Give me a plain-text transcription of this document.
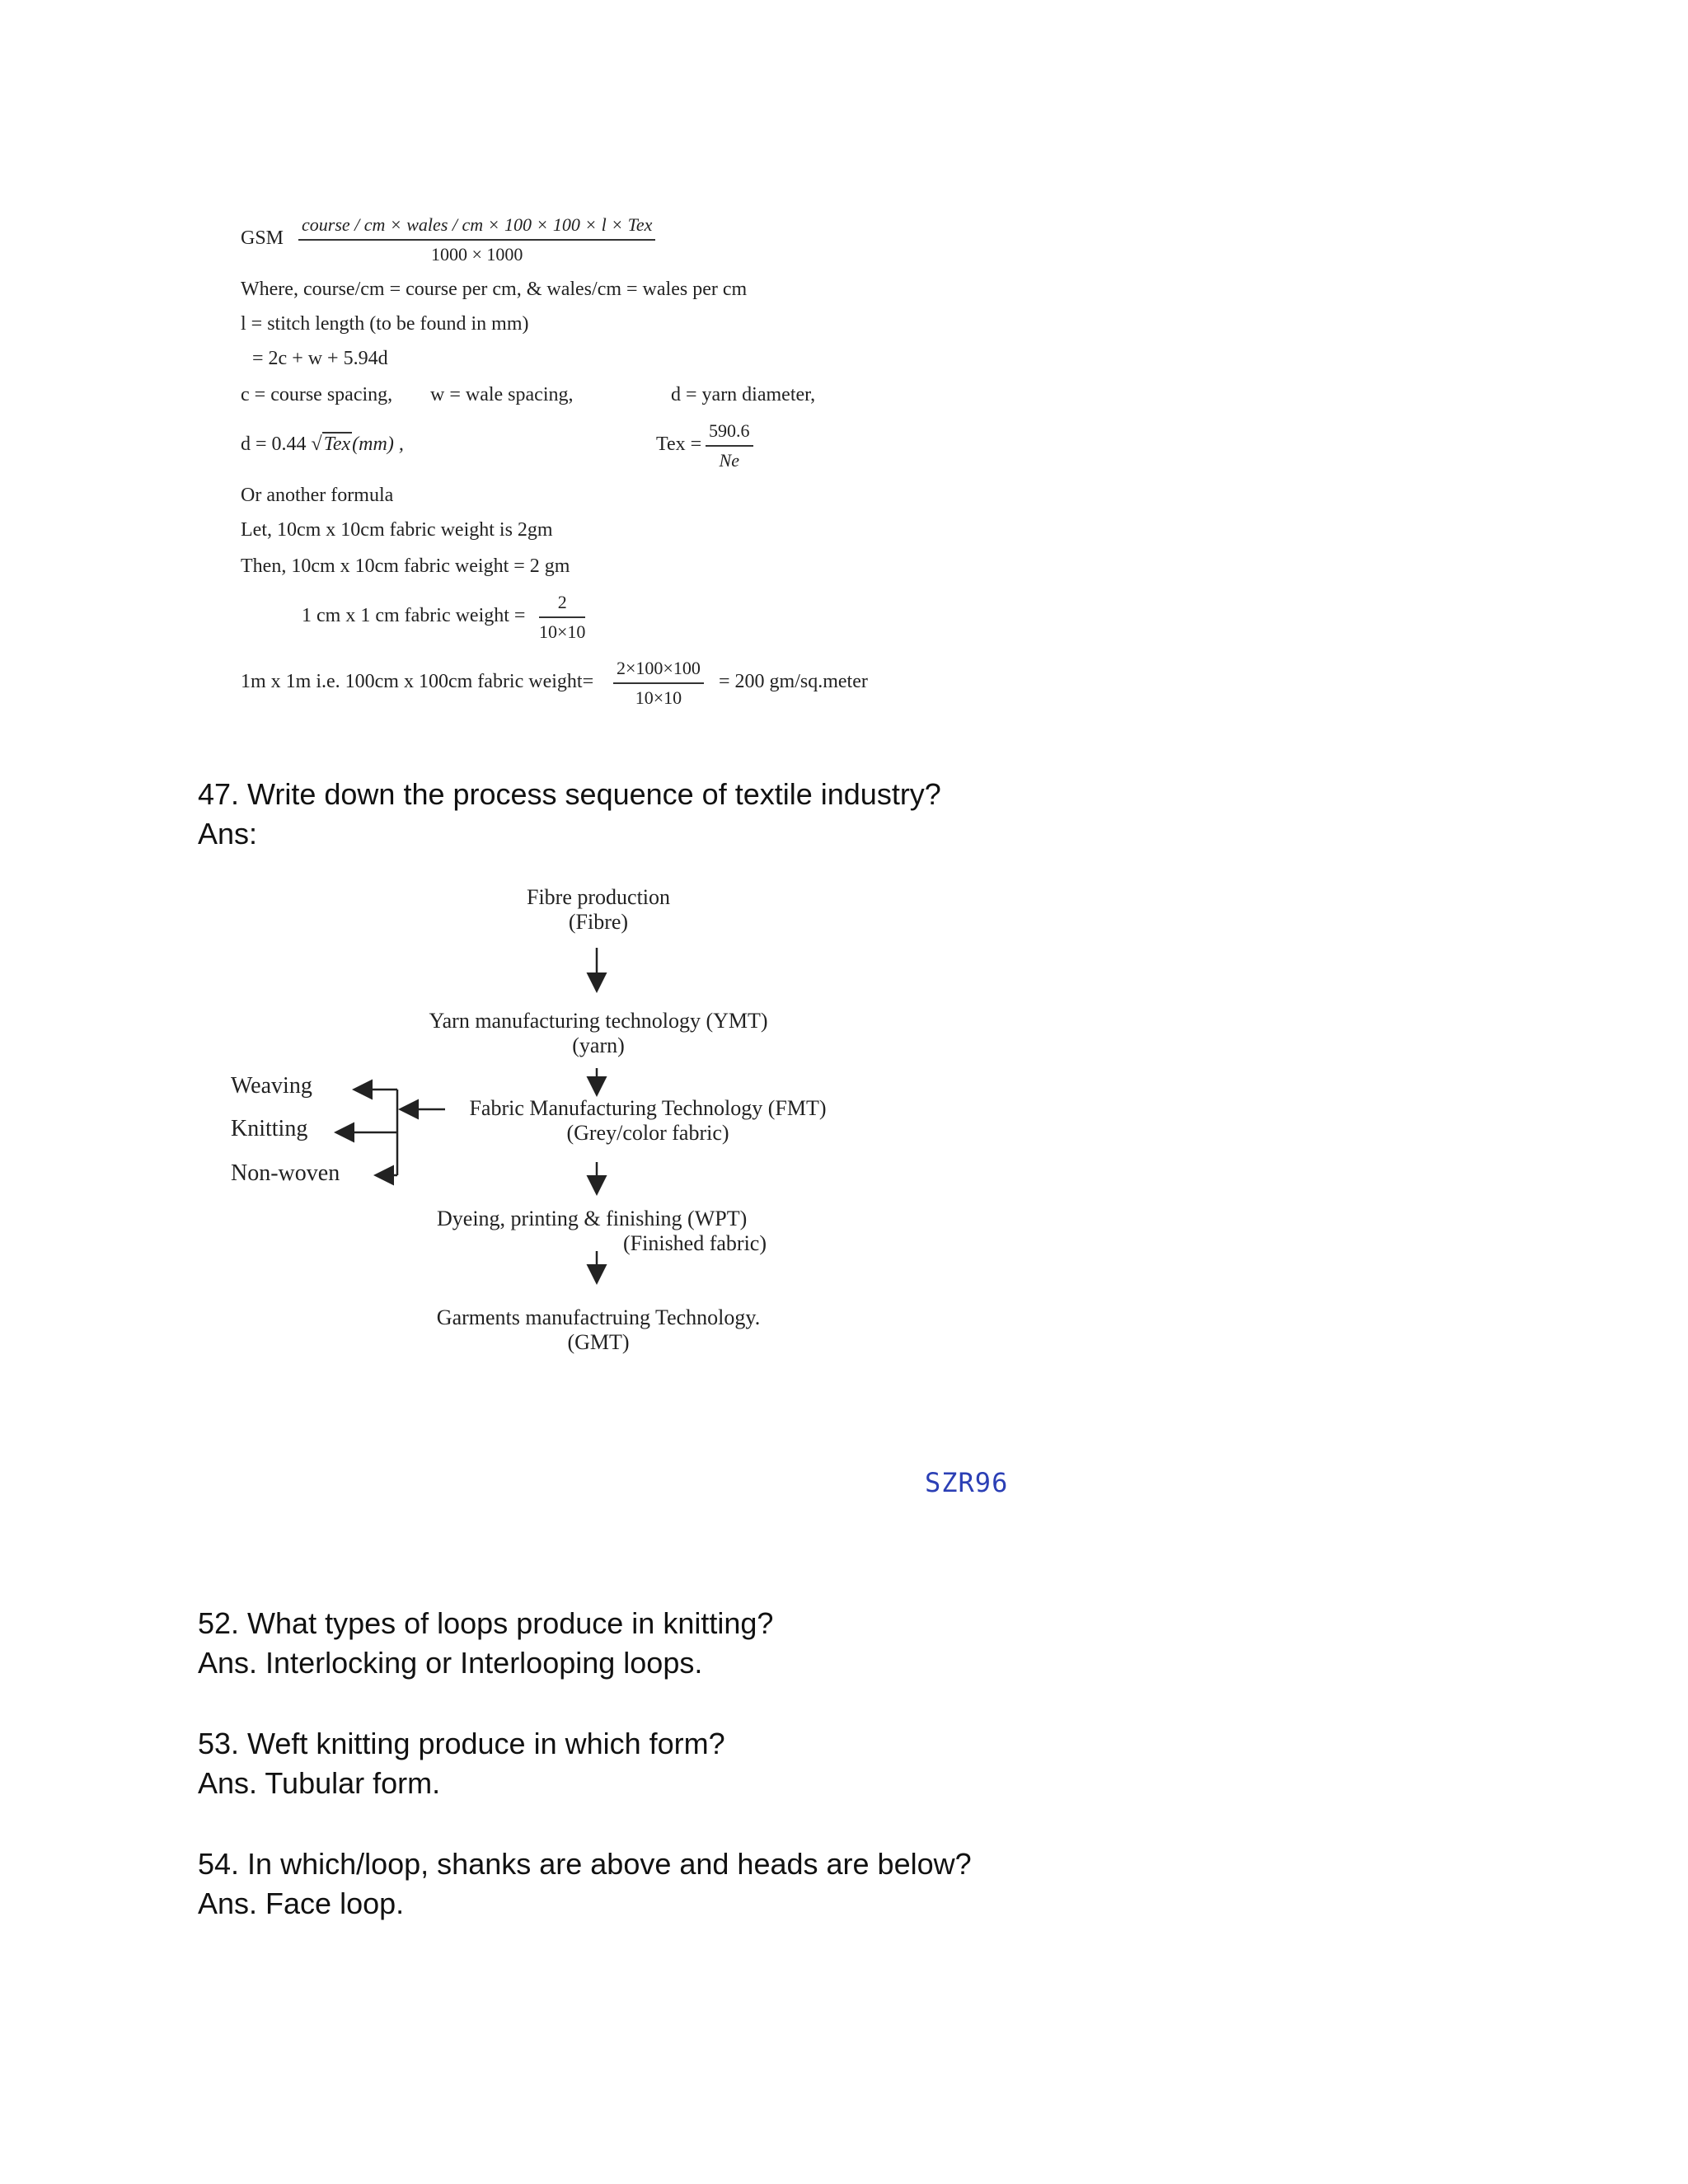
GSM
course / cm × wales / cm × 100 × 100 × l × Tex
1000 × 1000
Where, course/cm = course per cm, & wales/cm = wales per cm
l = stitch length (to be found in mm)
= 2c + w + 5.94d
c = course spacing, w = wale spacing,	d = yarn diameter,
d = 0.44 √Tex(mm) ,	Tex = $\frac{590.6}{Ne}$
Or another formula
Let, 10cm x 10cm fabric weight is 2gm
Then, 10cm x 10cm fabric weight = 2 gm
1 cm x 1 cm fabric weight = $\frac{2}{10\times 10}$
1m x 1m i.e. 100cm x 100cm fabric weight= $\frac{2\times 100\times 100}{10\times 10} = 200$ gm/sq.meter
47. Write down the process sequence of textile industry?
Ans:
Fibre production
(Fibre)
Yarn manufacturing technology (YMT)
(yarn)
Fabric Manufacturing Technology (FMT)
(Grey/color fabric)
Dyeing, printing & finishing (WPT)
(Finished fabric)
Garments manufactruing Technology.
(GMT)
Weaving
Knitting
Non-woven
SZR96
52. What types of loops produce in knitting?
Ans. Interlocking or Interlooping loops.
53. Weft knitting produce in which form?
Ans. Tubular form.
54. In which/loop, shanks are above and heads are below?
Ans. Face loop.
